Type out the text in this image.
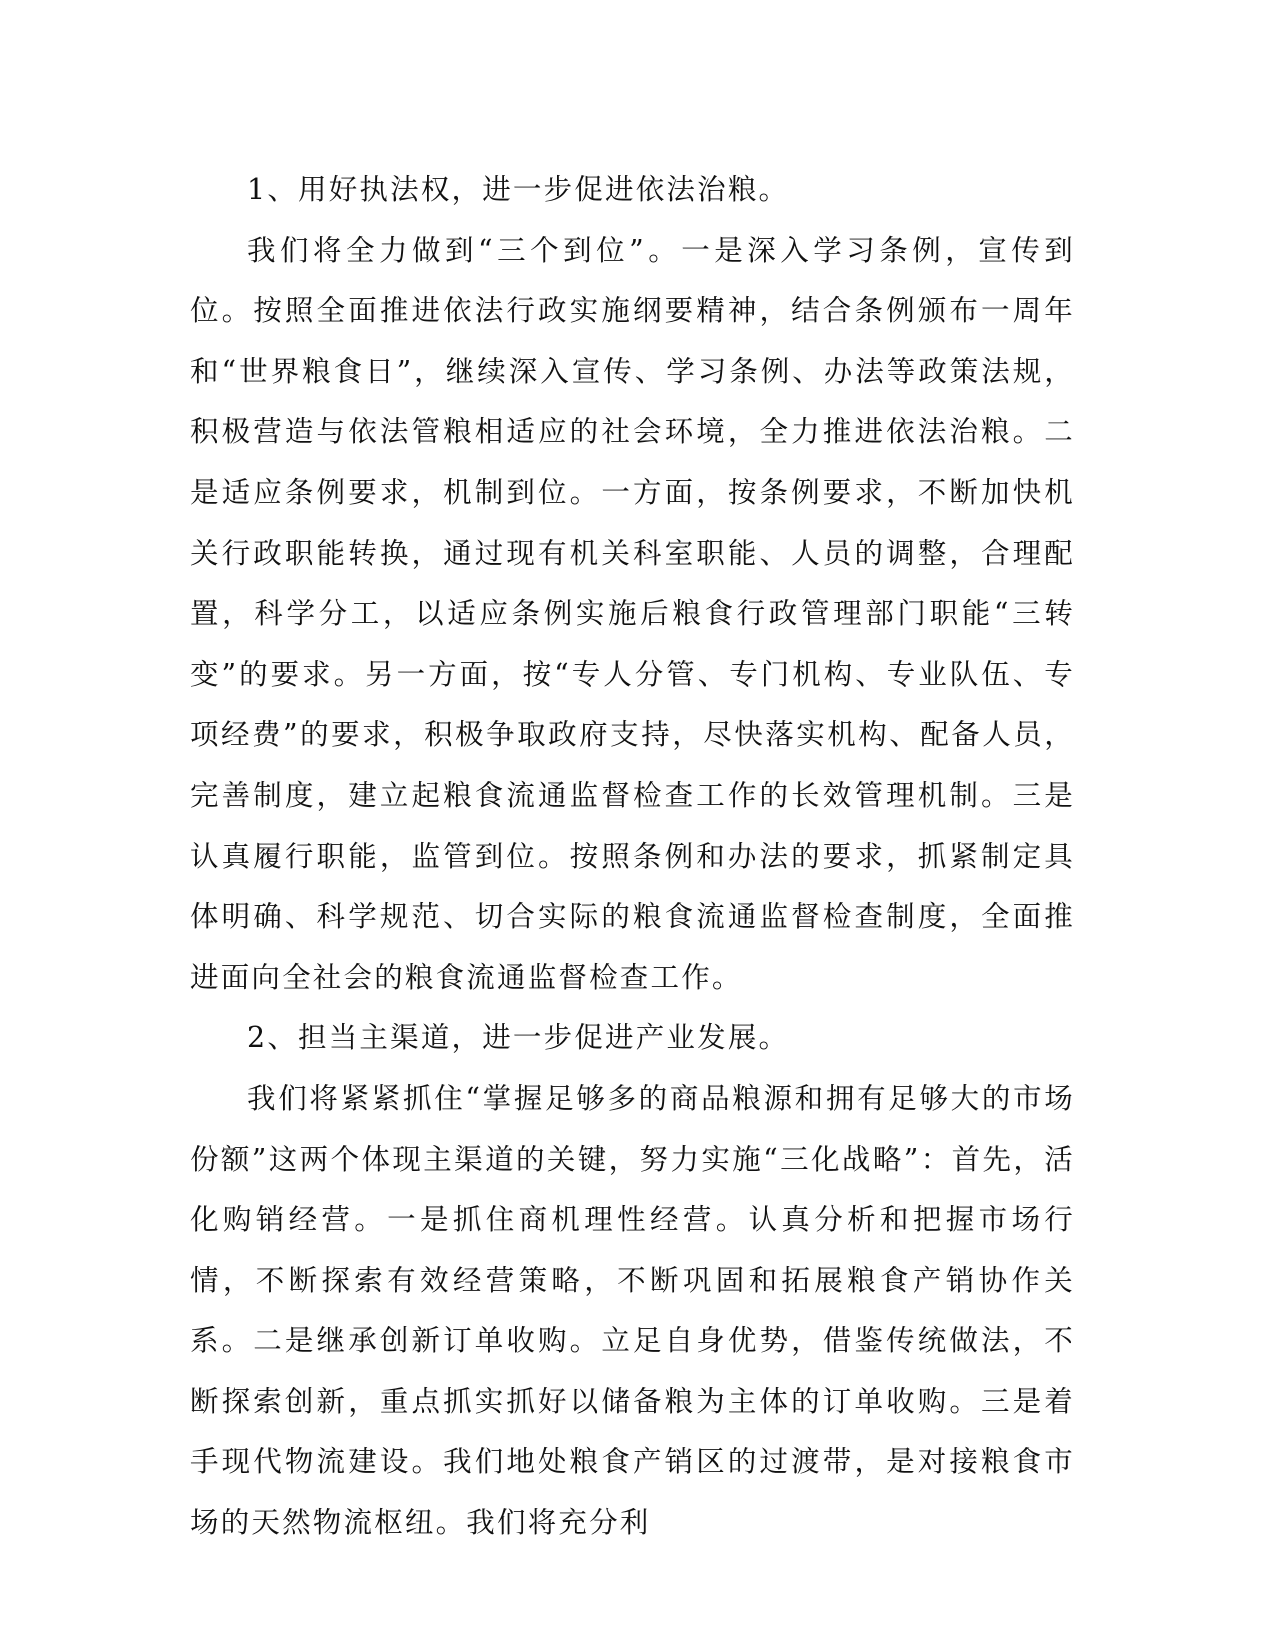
1、用好执法权，进一步促进依法治粮。

我们将全力做到“三个到位”。一是深入学习条例，宣传到位。按照全面推进依法行政实施纲要精神，结合条例颁布一周年和“世界粮食日”，继续深入宣传、学习条例、办法等政策法规，积极营造与依法管粮相适应的社会环境，全力推进依法治粮。二是适应条例要求，机制到位。一方面，按条例要求，不断加快机关行政职能转换，通过现有机关科室职能、人员的调整，合理配置，科学分工，以适应条例实施后粮食行政管理部门职能“三转变”的要求。另一方面，按“专人分管、专门机构、专业队伍、专项经费”的要求，积极争取政府支持，尽快落实机构、配备人员，完善制度，建立起粮食流通监督检查工作的长效管理机制。三是认真履行职能，监管到位。按照条例和办法的要求，抓紧制定具体明确、科学规范、切合实际的粮食流通监督检查制度，全面推进面向全社会的粮食流通监督检查工作。

2、担当主渠道，进一步促进产业发展。

我们将紧紧抓住“掌握足够多的商品粮源和拥有足够大的市场份额”这两个体现主渠道的关键，努力实施“三化战略”：首先，活化购销经营。一是抓住商机理性经营。认真分析和把握市场行情，不断探索有效经营策略，不断巩固和拓展粮食产销协作关系。二是继承创新订单收购。立足自身优势，借鉴传统做法，不断探索创新，重点抓实抓好以储备粮为主体的订单收购。三是着手现代物流建设。我们地处粮食产销区的过渡带，是对接粮食市场的天然物流枢纽。我们将充分利
